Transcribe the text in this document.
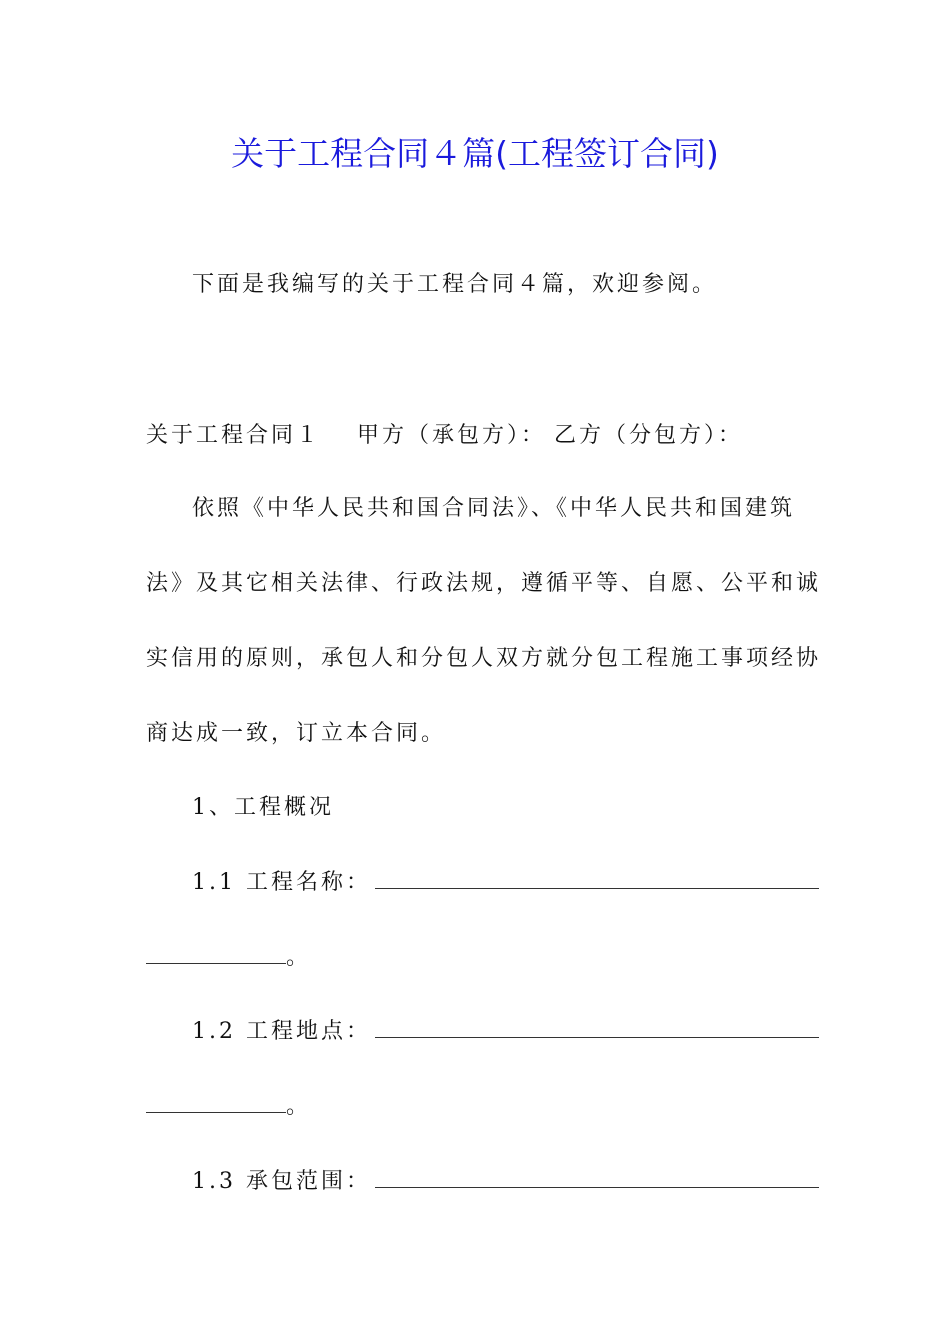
关于工程合同４篇(工程签订合同)
下面是我编写的关于工程合同４篇，欢迎参阅。
关于工程合同１ 甲方（承包方）： 乙方（分包方）：
依照《中华人民共和国合同法》、《中华人民共和国建筑
法》及其它相关法律、行政法规，遵循平等、自愿、公平和诚
实信用的原则，承包人和分包人双方就分包工程施工事项经协
商达成一致，订立本合同。
1、工程概况
1.1 工程名称：
。
1.2 工程地点：
。
1.3 承包范围：
